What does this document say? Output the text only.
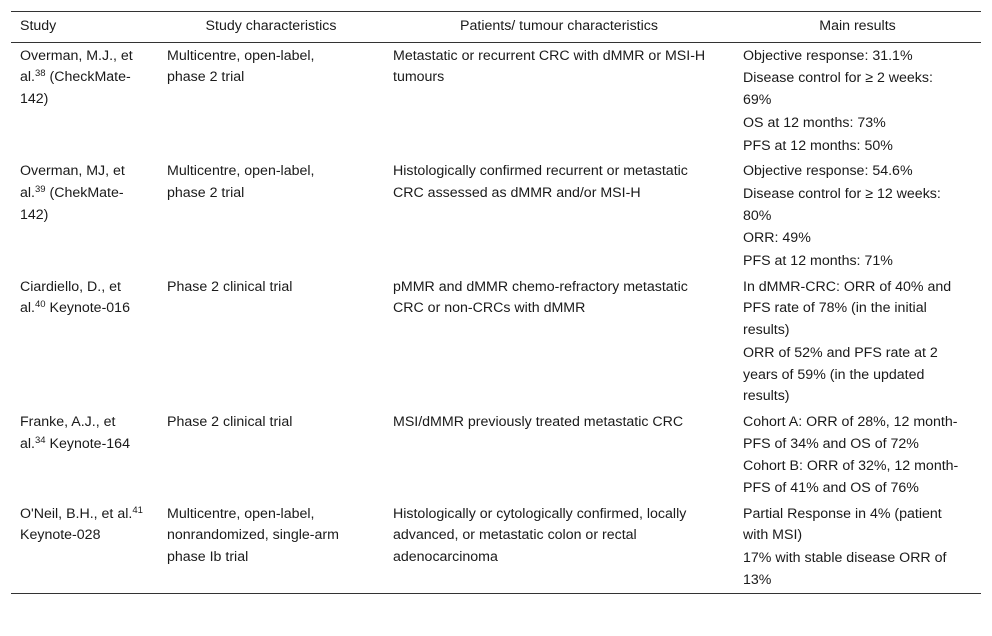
Study	Study characteristics	Patients/ tumour characteristics	Main results
Overman, M.J., et al.$^{38}$ (CheckMate-142)	Multicentre, open-label, phase 2 trial	Metastatic or recurrent CRC with dMMR or MSI-H tumours	Objective response: 31.1%

Disease control for ≥ 2 weeks: 69%

OS at 12 months: 73%

PFS at 12 months: 50%

Overman, MJ, et al.$^{39}$ (ChekMate-142)	Multicentre, open-label, phase 2 trial	Histologically confirmed recurrent or metastatic CRC assessed as dMMR and/or MSI-H	Objective response: 54.6%

Disease control for ≥ 12 weeks: 80%

ORR: 49%

PFS at 12 months: 71%

Ciardiello, D., et al.$^{40}$ Keynote-016	Phase 2 clinical trial	pMMR and dMMR chemo-refractory metastatic CRC or non-CRCs with dMMR	In dMMR-CRC: ORR of 40% and PFS rate of 78% (in the initial results)

ORR of 52% and PFS rate at 2 years of 59% (in the updated results)

Franke, A.J., et al.$^{34}$ Keynote-164	Phase 2 clinical trial	MSI/dMMR previously treated metastatic CRC	Cohort A: ORR of 28%, 12 month-PFS of 34% and OS of 72%

Cohort B: ORR of 32%, 12 month-PFS of 41% and OS of 76%

O'Neil, B.H., et al.$^{41}$ Keynote-028	Multicentre, open-label, nonrandomized, single-arm phase Ib trial	Histologically or cytologically confirmed, locally advanced, or metastatic colon or rectal adenocarcinoma	Partial Response in 4% (patient with MSI)

17% with stable disease ORR of 13%
